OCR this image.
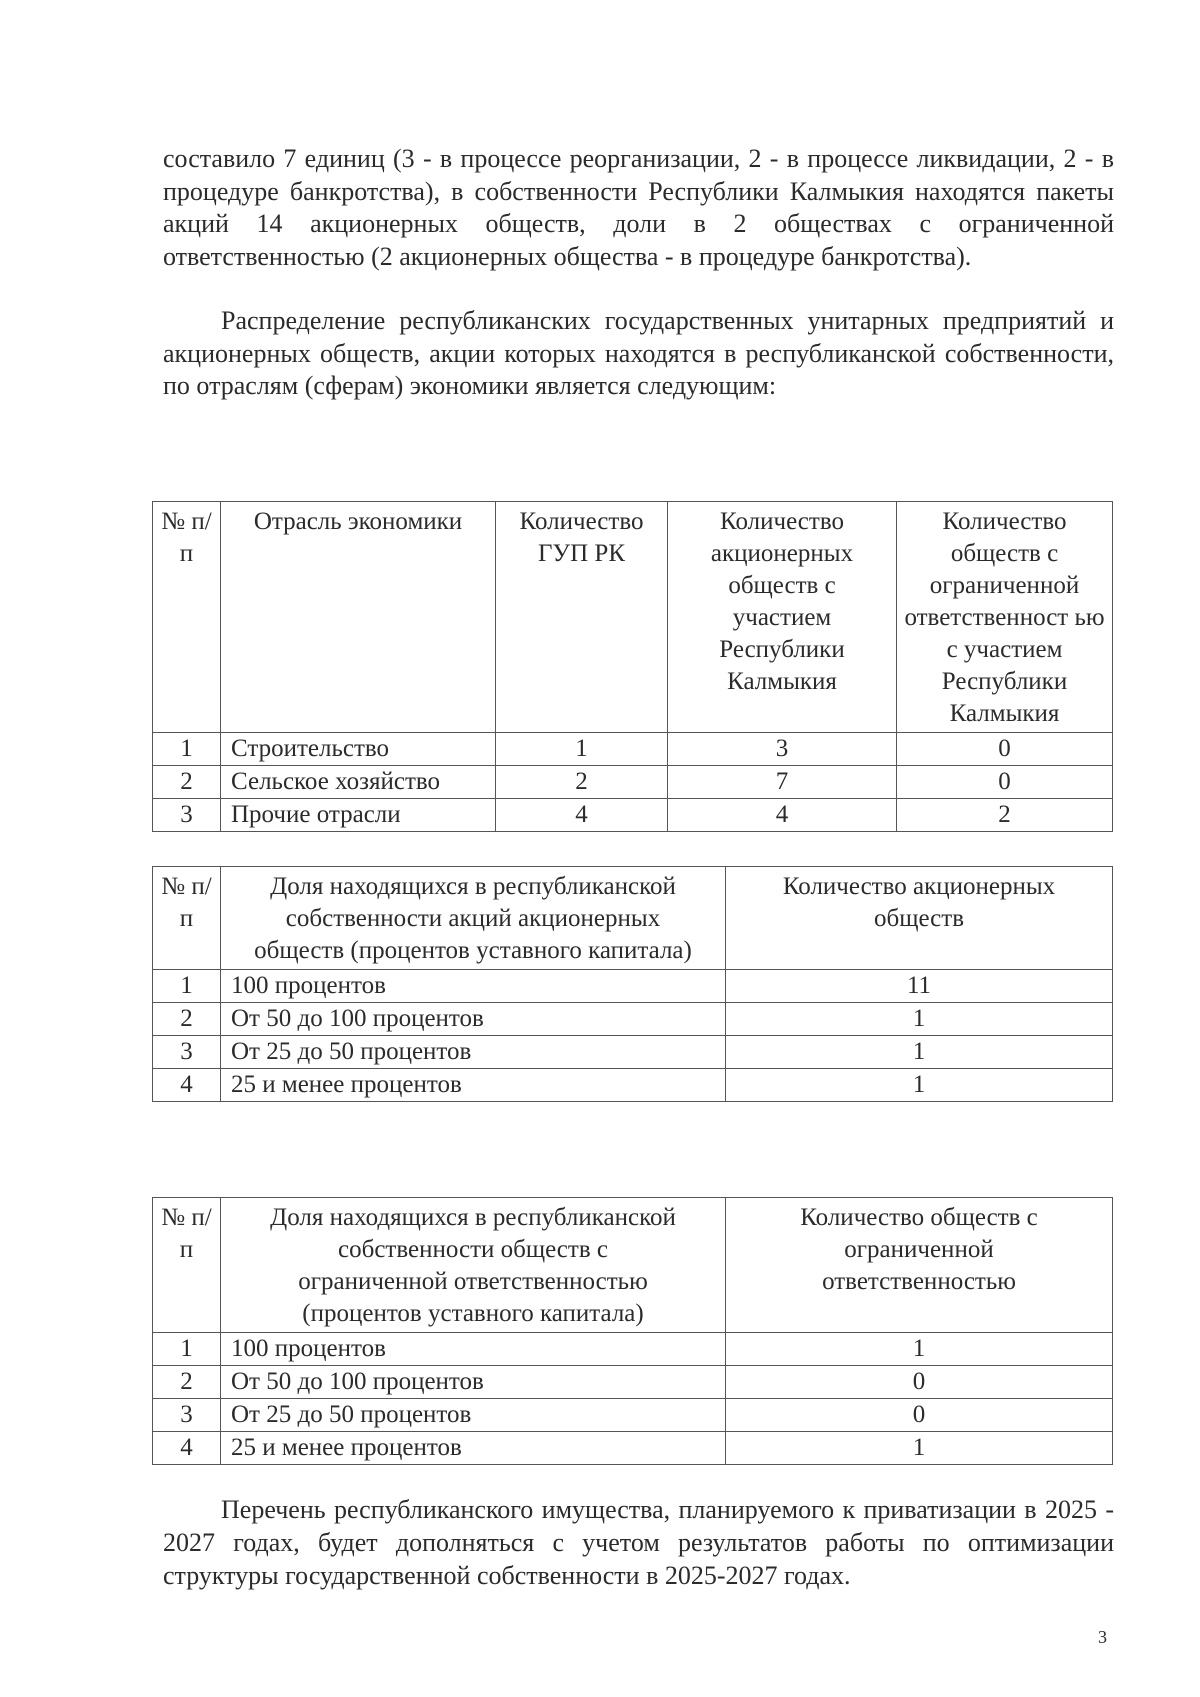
составило 7 единиц (3 - в процессе реорганизации, 2 - в процессе ликвидации, 2 - в процедуре банкротства), в собственности Республики Калмыкия находятся пакеты акций 14 акционерных обществ, доли в 2 обществах с ограниченной ответственностью (2 акционерных общества - в процедуре банкротства).

Распределение республиканских государственных унитарных предприятий и акционерных обществ, акции которых находятся в республиканской собственности, по отраслям (сферам) экономики является следующим:

№ п/п	Отрасль экономики	Количество ГУП РК	Количество акционерных обществ с участием Республики Калмыкия	Количество обществ с ограниченной ответственност ью с участием Республики Калмыкия
1	Строительство	1	3	0
2	Сельское хозяйство	2	7	0
3	Прочие отрасли	4	4	2
№ п/п	Доля находящихся в республиканской собственности акций акционерных обществ (процентов уставного капитала)	Количество акционерных обществ
1	100 процентов	11
2	От 50 до 100 процентов	1
3	От 25 до 50 процентов	1
4	25 и менее процентов	1
№ п/п	Доля находящихся в республиканской собственности обществ с ограниченной ответственностью (процентов уставного капитала)	Количество обществ с ограниченной ответственностью
1	100 процентов	1
2	От 50 до 100 процентов	0
3	От 25 до 50 процентов	0
4	25 и менее процентов	1

Перечень республиканского имущества, планируемого к приватизации в 2025 - 2027 годах, будет дополняться с учетом результатов работы по оптимизации структуры государственной собственности в 2025-2027 годах.

3
